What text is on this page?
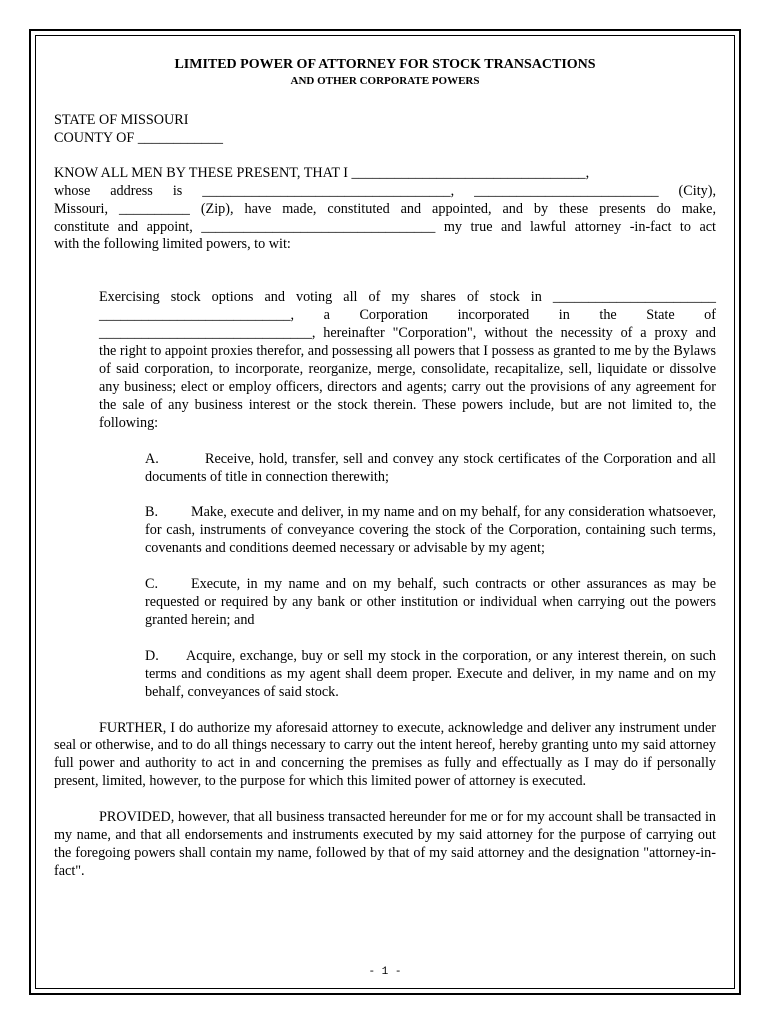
LIMITED POWER OF ATTORNEY FOR STOCK TRANSACTIONS

AND OTHER CORPORATE POWERS

STATE OF MISSOURI

COUNTY OF ____________

KNOW ALL MEN BY THESE PRESENT, THAT I _________________________________,

whose address is ___________________________________, __________________________ (City),

Missouri, __________ (Zip), have made, constituted and appointed, and by these presents do make,

constitute and appoint, _________________________________ my true and lawful attorney -in-fact to act

with the following limited powers, to wit:

Exercising stock options and voting all of my shares of stock in _______________________

___________________________, a Corporation incorporated in the State of

______________________________, hereinafter "Corporation", without the necessity of a proxy and

the right to appoint proxies therefor, and possessing all powers that I possess as granted to me by the Bylaws of said corporation, to incorporate, reorganize, merge, consolidate, recapitalize, sell, liquidate or dissolve any business; elect or employ officers, directors and agents; carry out the provisions of any agreement for the sale of any business interest or the stock therein. These powers include, but are not limited to, the following:

A.	Receive, hold, transfer, sell and convey any stock certificates of the Corporation and all documents of title in connection therewith;

B. Make, execute and deliver, in my name and on my behalf, for any consideration whatsoever, for cash, instruments of conveyance covering the stock of the Corporation, containing such terms, covenants and conditions deemed necessary or advisable by my agent;

C. Execute, in my name and on my behalf, such contracts or other assurances as may be requested or required by any bank or other institution or individual when carrying out the powers granted herein; and

D. Acquire, exchange, buy or sell my stock in the corporation, or any interest therein, on such terms and conditions as my agent shall deem proper. Execute and deliver, in my name and on my behalf, conveyances of said stock.

FURTHER, I do authorize my aforesaid attorney to execute, acknowledge and deliver any instrument under seal or otherwise, and to do all things necessary to carry out the intent hereof, hereby granting unto my said attorney full power and authority to act in and concerning the premises as fully and effectually as I may do if personally present, limited, however, to the purpose for which this limited power of attorney is executed.

PROVIDED, however, that all business transacted hereunder for me or for my account shall be transacted in my name, and that all endorsements and instruments executed by my said attorney for the purpose of carrying out the foregoing powers shall contain my name, followed by that of my said attorney and the designation "attorney-in-fact".

- 1 -
